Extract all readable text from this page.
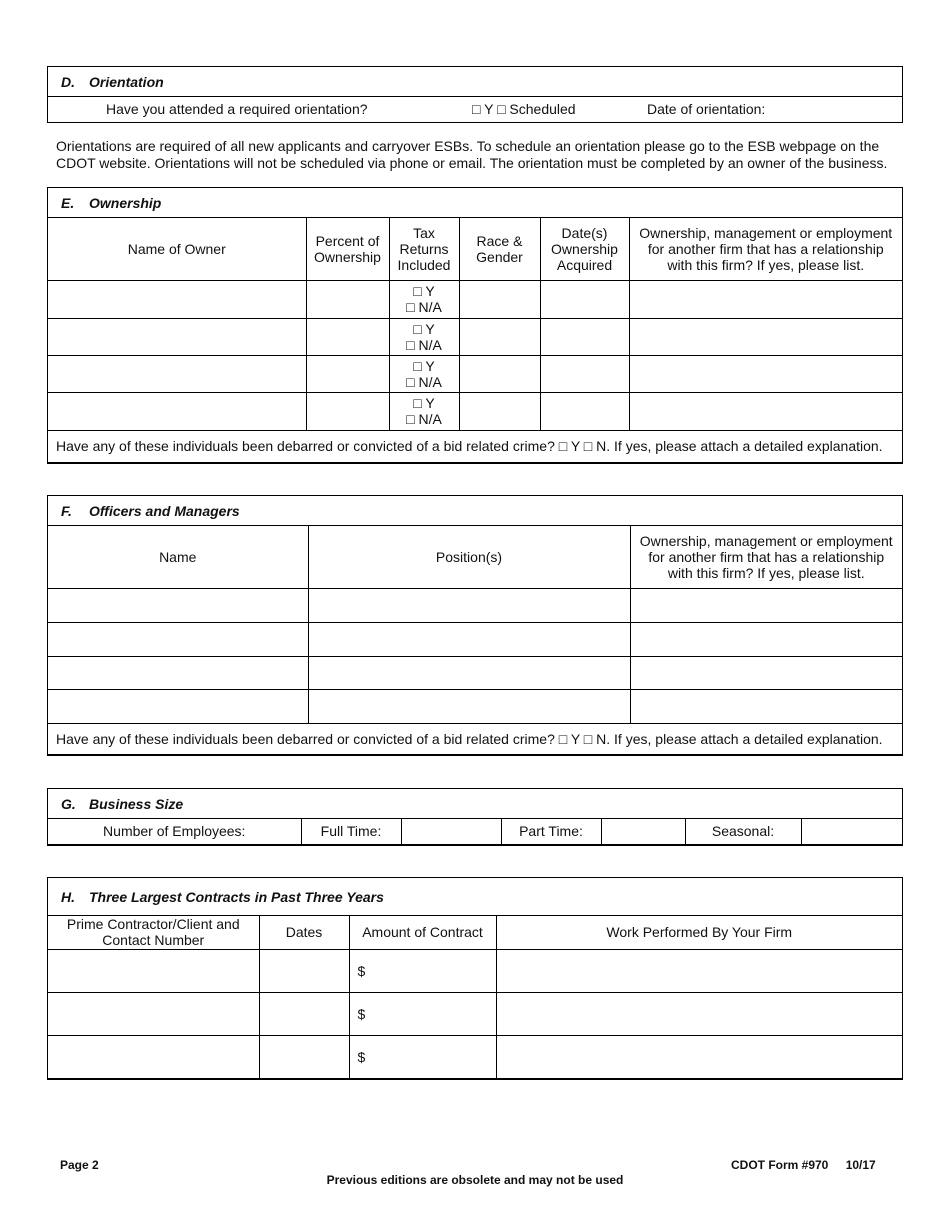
D. Orientation
Have you attended a required orientation?	□ Y □ Scheduled	Date of orientation:
Orientations are required of all new applicants and carryover ESBs. To schedule an orientation please go to the ESB webpage on the CDOT website. Orientations will not be scheduled via phone or email. The orientation must be completed by an owner of the business.
E. Ownership
Name of Owner	Percent of Ownership	Tax Returns Included	Race & Gender	Date(s) Ownership Acquired	Ownership, management or employment for another firm that has a relationship with this firm? If yes, please list.

		□ Y
□ N/A			

		□ Y
□ N/A			

		□ Y
□ N/A			

		□ Y
□ N/A			

Have any of these individuals been debarred or convicted of a bid related crime? □ Y □ N. If yes, please attach a detailed explanation.					
F. Officers and Managers
Name	Position(s)	Ownership, management or employment for another firm that has a relationship with this firm? If yes, please list.

Have any of these individuals been debarred or convicted of a bid related crime? □ Y □ N. If yes, please attach a detailed explanation.		
G. Business Size
Number of Employees:	Full Time:		Part Time:		Seasonal:	
H. Three Largest Contracts in Past Three Years
Prime Contractor/Client and Contact Number	Dates	Amount of Contract	Work Performed By Your Firm
		$	
		$	
		$	
Page 2	CDOT Form #970 10/17
Previous editions are obsolete and may not be used
